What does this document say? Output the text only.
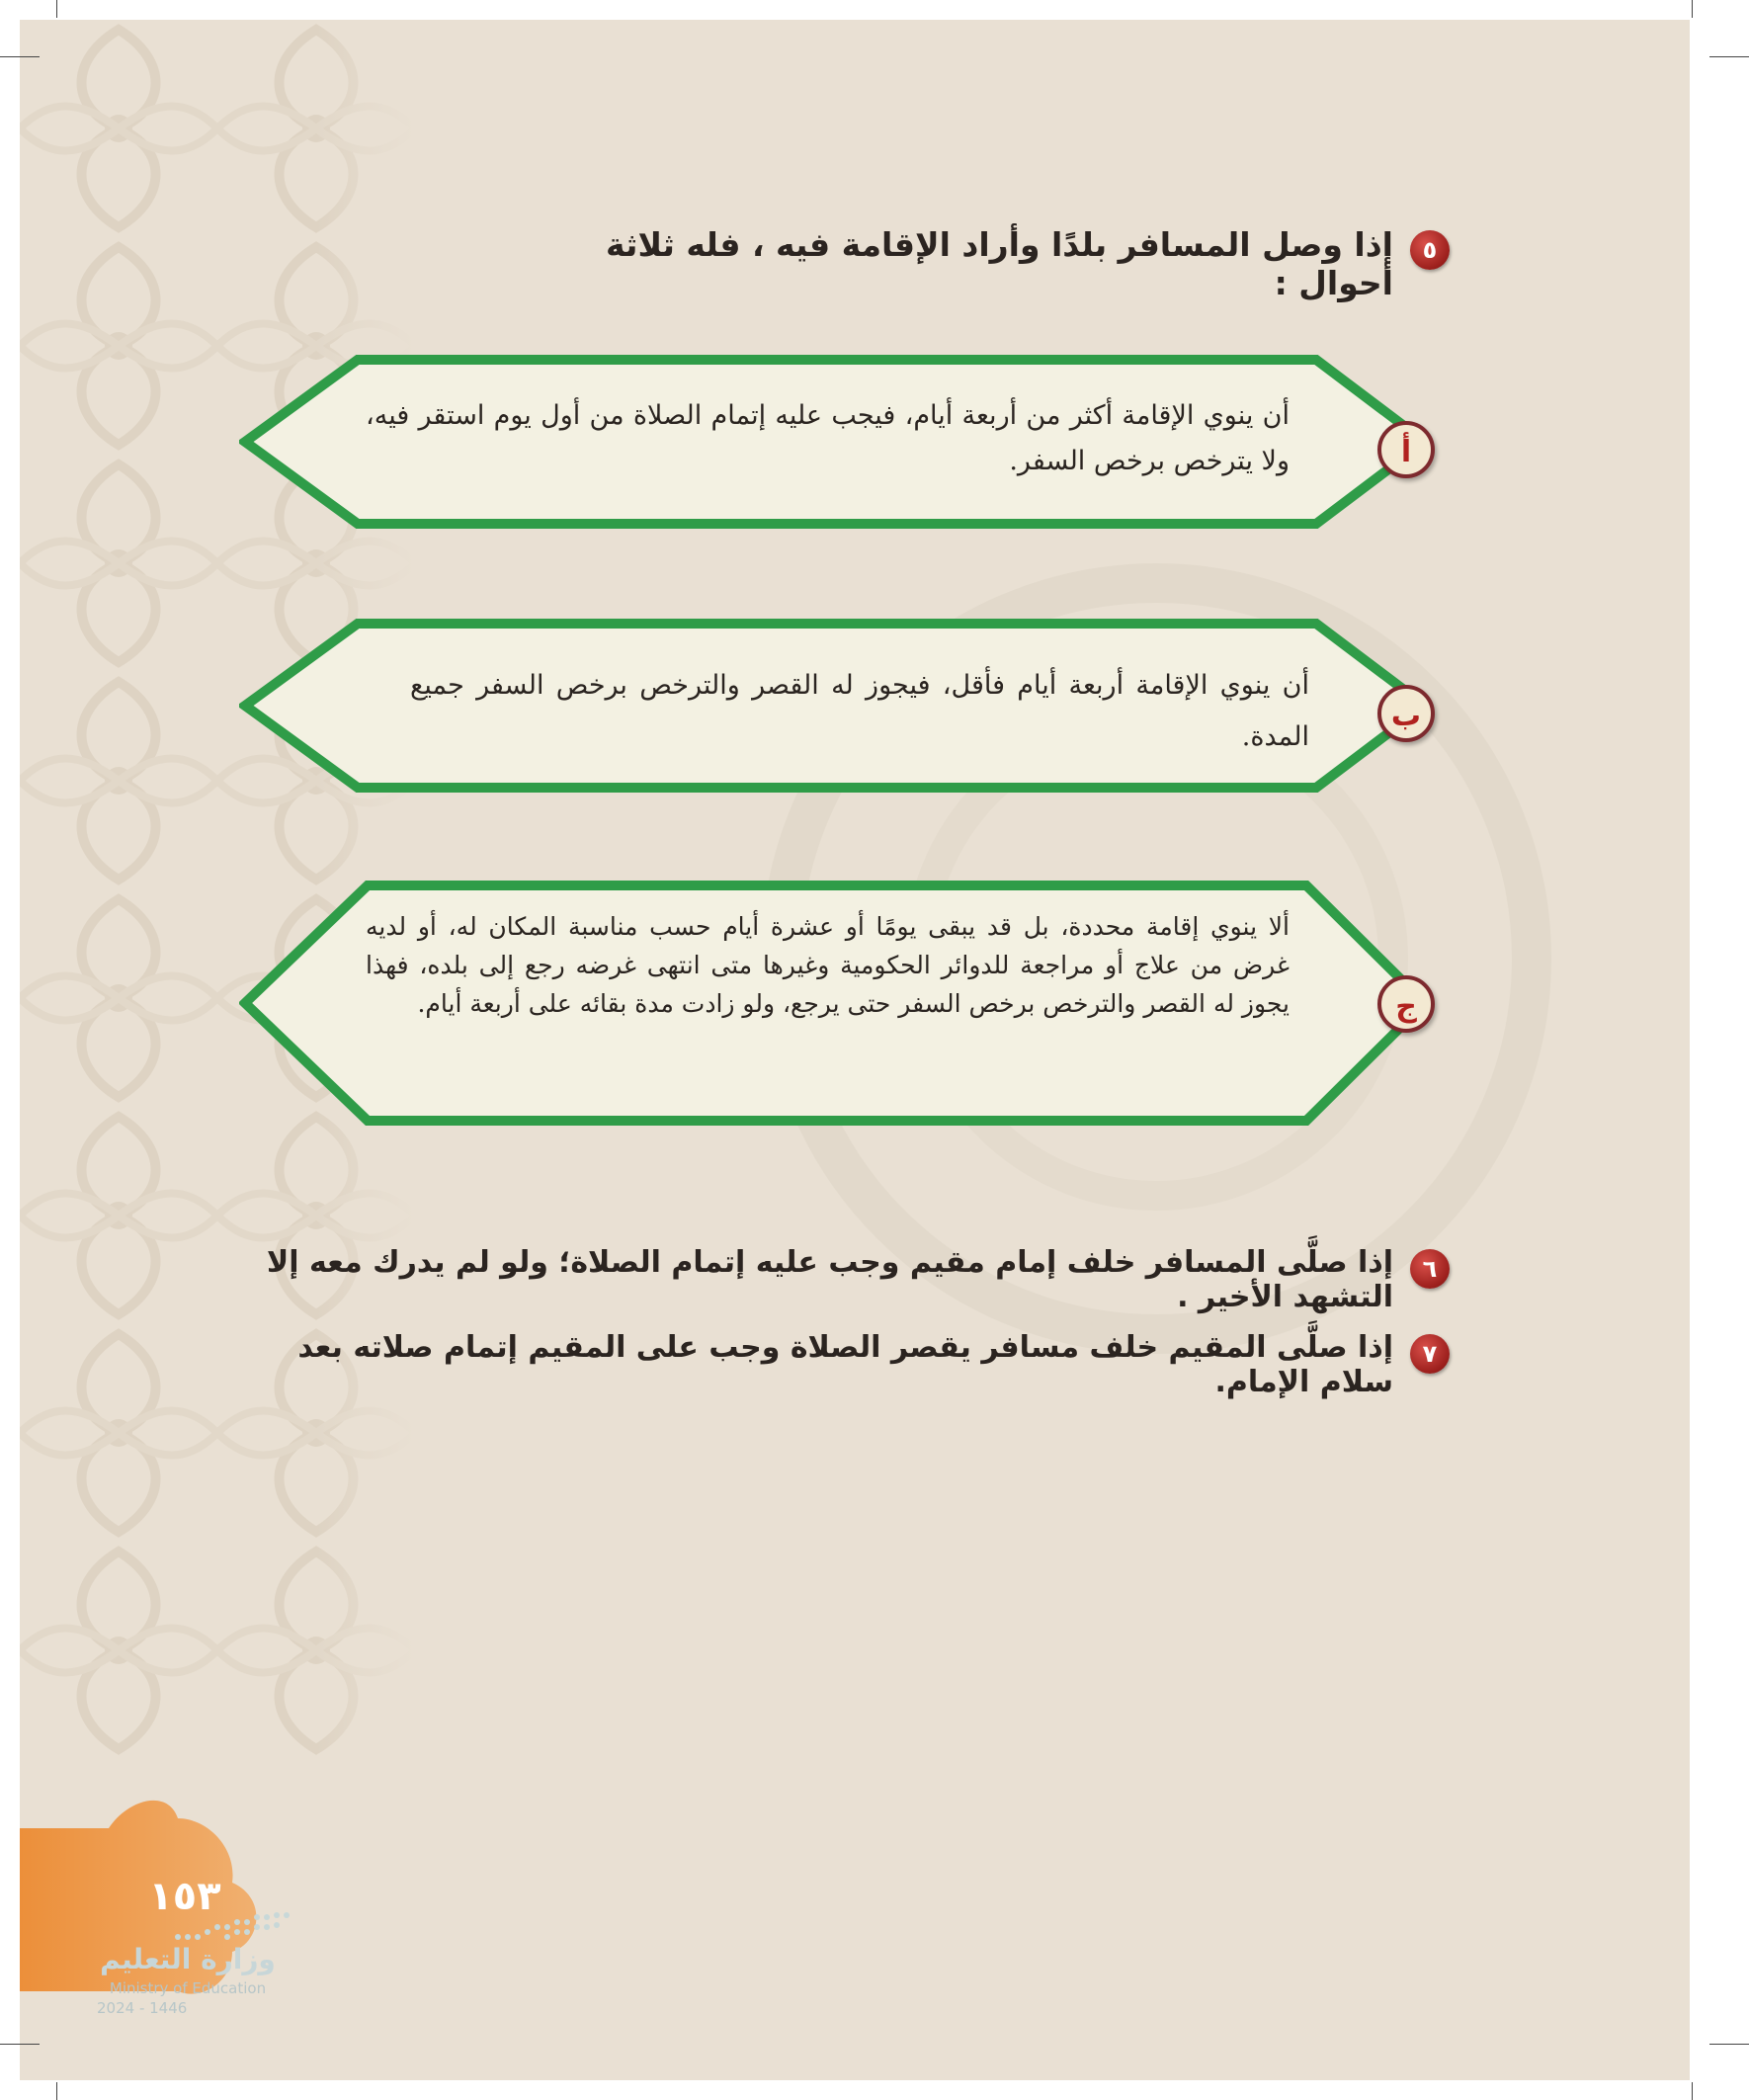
٥
إذا وصل المسافر بلدًا وأراد الإقامة فيه ، فله ثلاثة أحوال :
أن ينوي الإقامة أكثر من أربعة أيام، فيجب عليه إتمام الصلاة من أول يوم استقر فيه، ولا يترخص برخص السفر.	أ
أن ينوي الإقامة أربعة أيام فأقل، فيجوز له القصر والترخص برخص السفر جميع المدة.
ب
ألا ينوي إقامة محددة، بل قد يبقى يومًا أو عشرة أيام حسب مناسبة المكان له، أو لديه غرض من علاج أو مراجعة للدوائر الحكومية وغيرها متى انتهى غرضه رجع إلى بلده، فهذا يجوز له القصر والترخص برخص السفر حتى يرجع، ولو زادت مدة بقائه على أربعة أيام.	ج
٦
إذا صلَّى المسافر خلف إمام مقيم وجب عليه إتمام الصلاة؛ ولو لم يدرك معه إلا التشهد الأخير .
٧
إذا صلَّى المقيم خلف مسافر يقصر الصلاة وجب على المقيم إتمام صلاته بعد سلام الإمام.
١٥٣
وزارة التعليم
Ministry of Education
2024 - 1446
